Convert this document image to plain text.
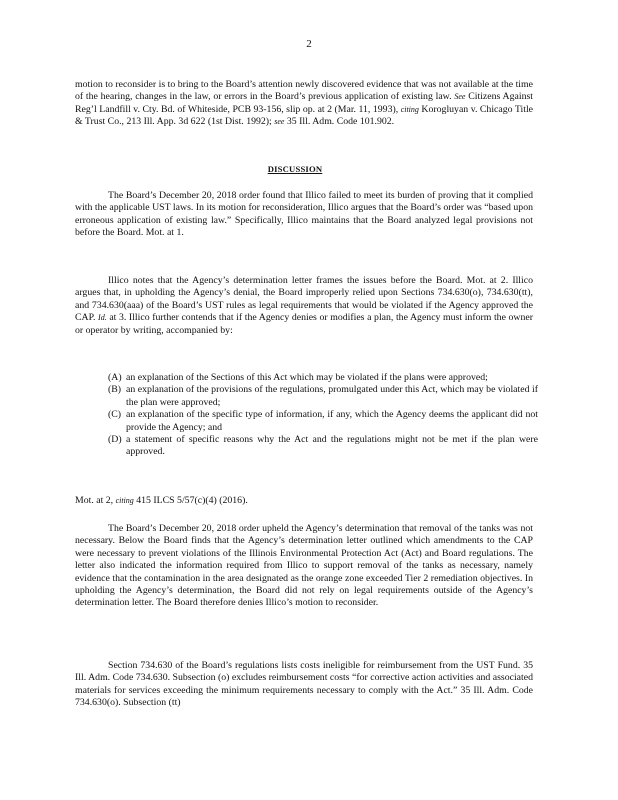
2

motion to reconsider is to bring to the Board’s attention newly discovered evidence that was not available at the time of the hearing, changes in the law, or errors in the Board’s previous application of existing law. See Citizens Against Reg’l Landfill v. Cty. Bd. of Whiteside, PCB 93-156, slip op. at 2 (Mar. 11, 1993), citing Korogluyan v. Chicago Title & Trust Co., 213 Ill. App. 3d 622 (1st Dist. 1992); see 35 Ill. Adm. Code 101.902.

DISCUSSION

The Board’s December 20, 2018 order found that Illico failed to meet its burden of proving that it complied with the applicable UST laws. In its motion for reconsideration, Illico argues that the Board’s order was “based upon erroneous application of existing law.” Specifically, Illico maintains that the Board analyzed legal provisions not before the Board. Mot. at 1.

Illico notes that the Agency’s determination letter frames the issues before the Board. Mot. at 2. Illico argues that, in upholding the Agency’s denial, the Board improperly relied upon Sections 734.630(o), 734.630(tt), and 734.630(aaa) of the Board’s UST rules as legal requirements that would be violated if the Agency approved the CAP. Id. at 3. Illico further contends that if the Agency denies or modifies a plan, the Agency must inform the owner or operator by writing, accompanied by:

(A) an explanation of the Sections of this Act which may be violated if the plans were approved;
(B) an explanation of the provisions of the regulations, promulgated under this Act, which may be violated if the plan were approved;
(C) an explanation of the specific type of information, if any, which the Agency deems the applicant did not provide the Agency; and
(D) a statement of specific reasons why the Act and the regulations might not be met if the plan were approved.

Mot. at 2, citing 415 ILCS 5/57(c)(4) (2016).

The Board’s December 20, 2018 order upheld the Agency’s determination that removal of the tanks was not necessary. Below the Board finds that the Agency’s determination letter outlined which amendments to the CAP were necessary to prevent violations of the Illinois Environmental Protection Act (Act) and Board regulations. The letter also indicated the information required from Illico to support removal of the tanks as necessary, namely evidence that the contamination in the area designated as the orange zone exceeded Tier 2 remediation objectives. In upholding the Agency’s determination, the Board did not rely on legal requirements outside of the Agency’s determination letter. The Board therefore denies Illico’s motion to reconsider.

Section 734.630 of the Board’s regulations lists costs ineligible for reimbursement from the UST Fund. 35 Ill. Adm. Code 734.630. Subsection (o) excludes reimbursement costs “for corrective action activities and associated materials for services exceeding the minimum requirements necessary to comply with the Act.” 35 Ill. Adm. Code 734.630(o). Subsection (tt)
